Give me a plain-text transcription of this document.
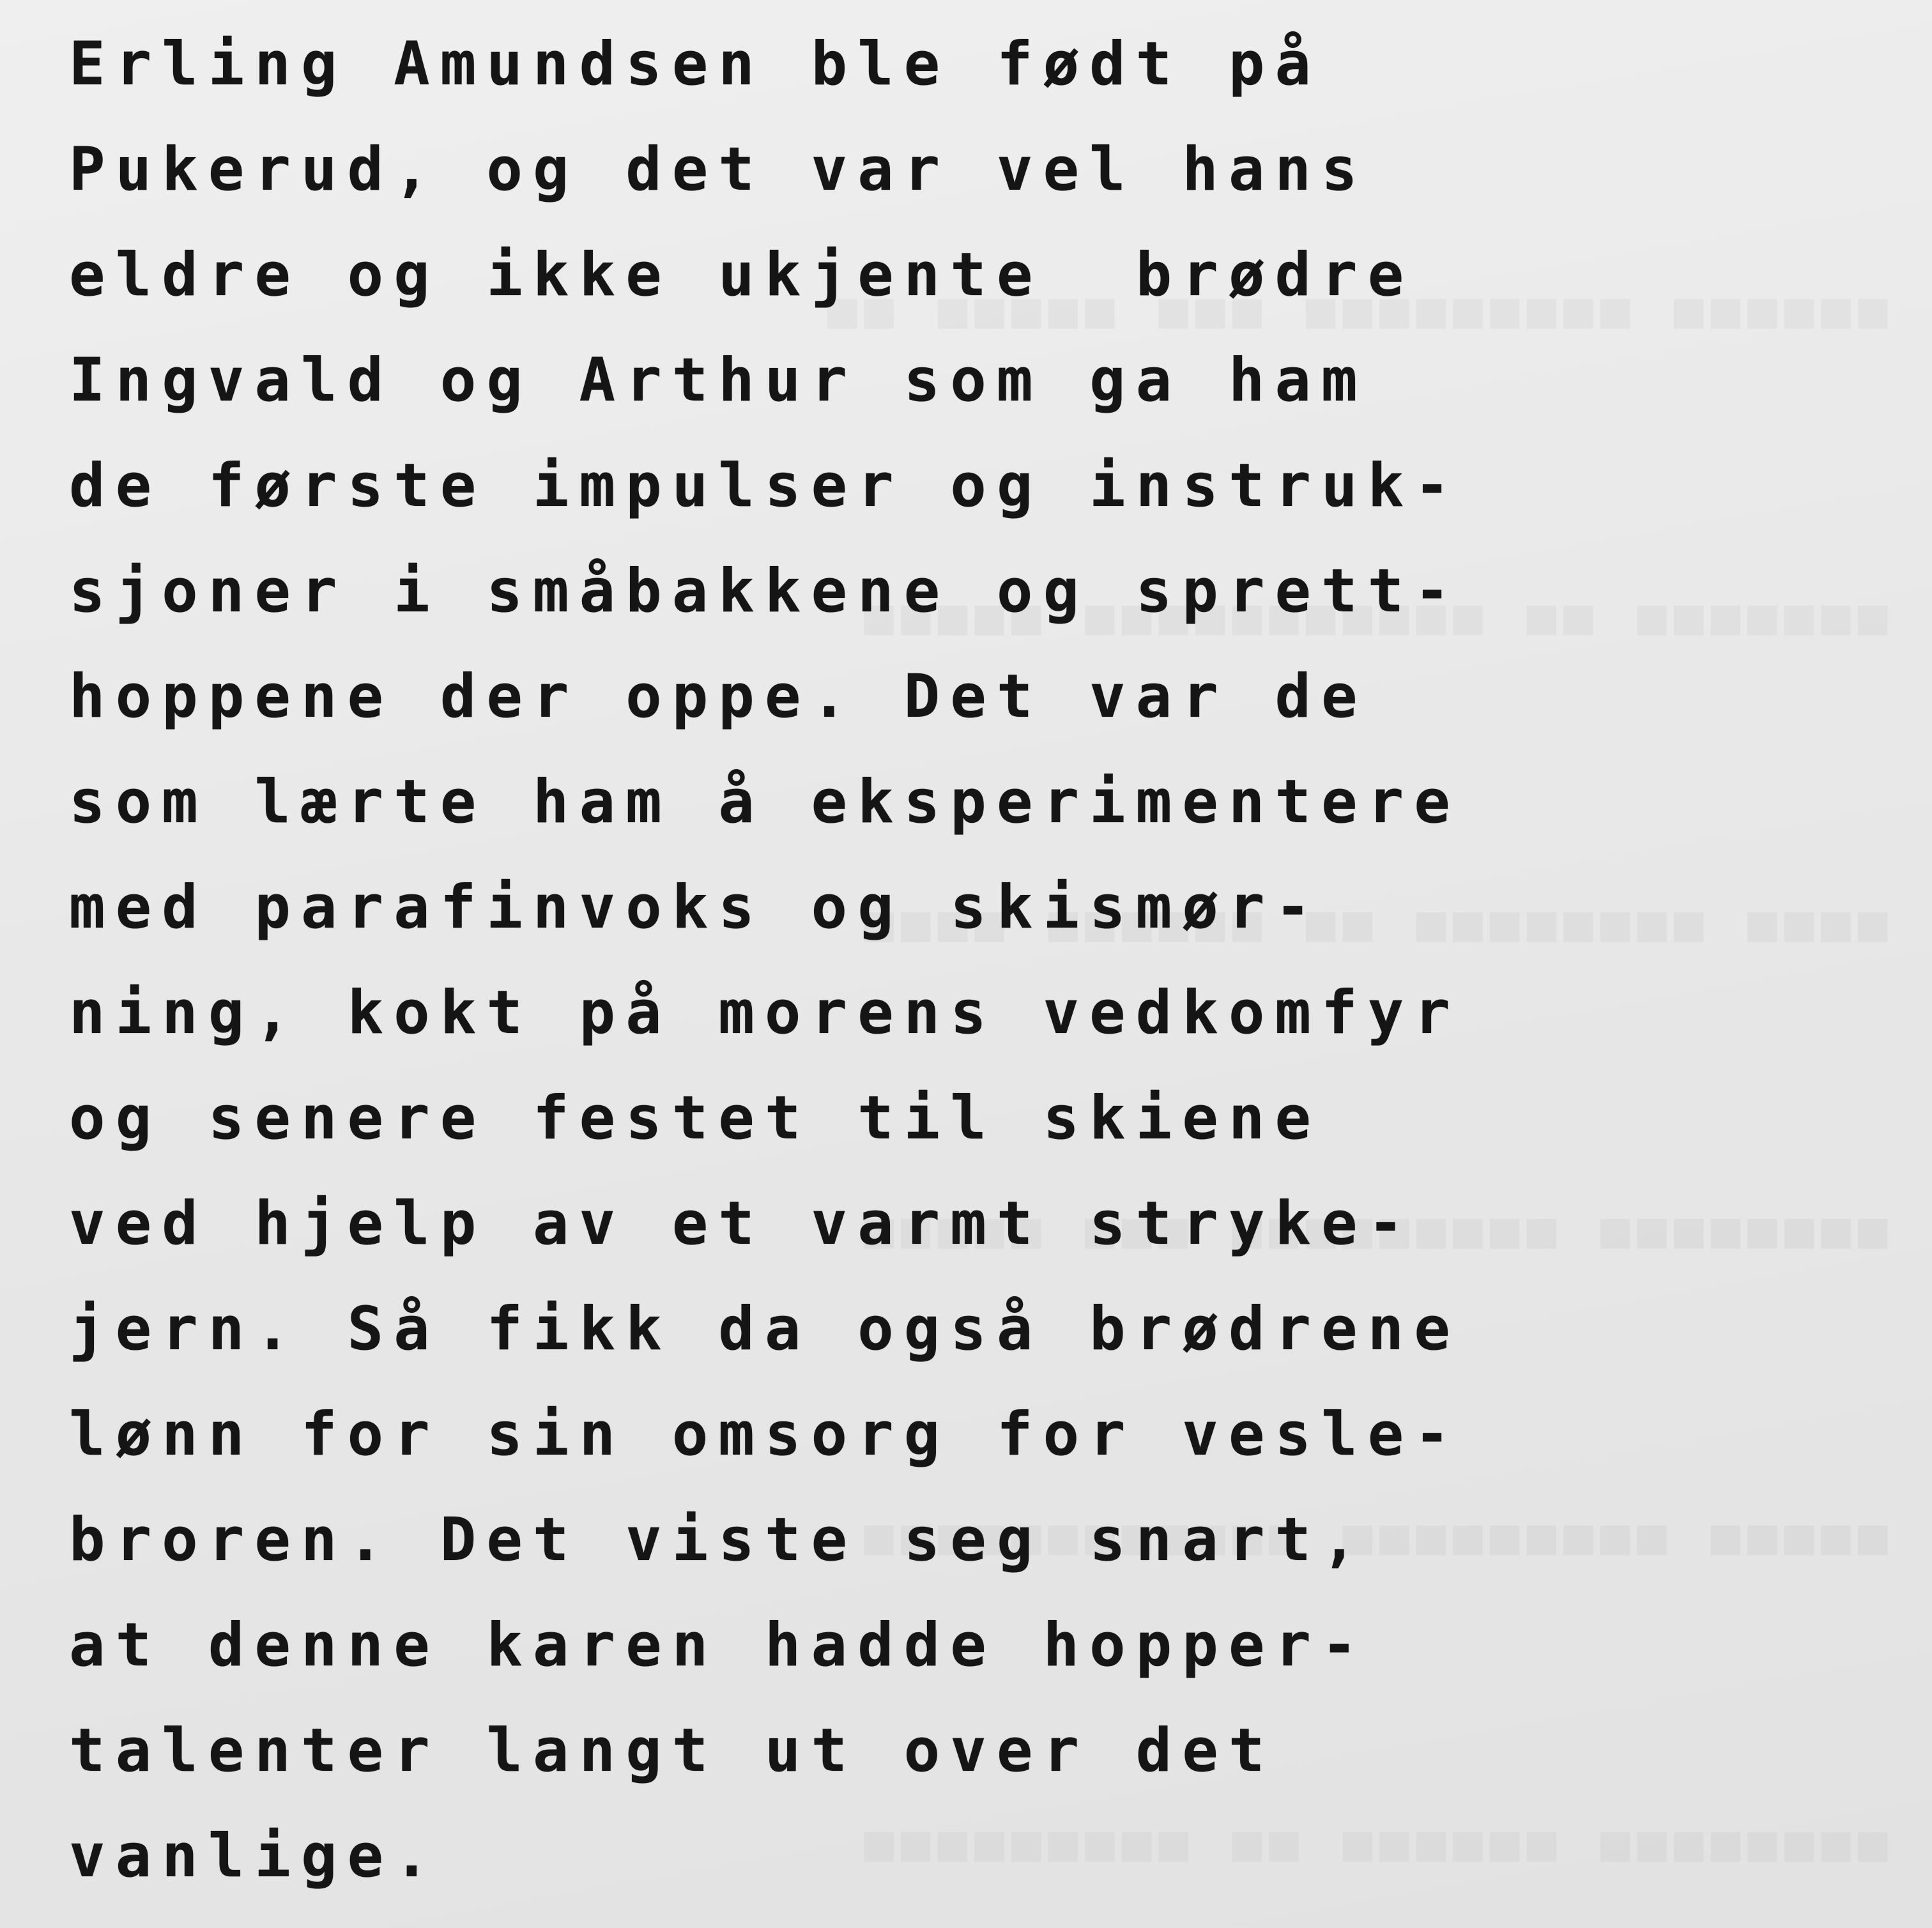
Erling Amundsen ble født på
Pukerud, og det var vel hans
eldre og ikke ukjente  brødre
Ingvald og Arthur som ga ham
de første impulser og instruk-
sjoner i småbakkene og sprett-
hoppene der oppe. Det var de
som lærte ham å eksperimentere
med parafinvoks og skismør-
ning, kokt på morens vedkomfyr
og senere festet til skiene
ved hjelp av et varmt stryke-
jern. Så fikk da også brødrene
lønn for sin omsorg for vesle-
broren. Det viste seg snart,
at denne karen hadde hopper-
talenter langt ut over det
vanlige.
